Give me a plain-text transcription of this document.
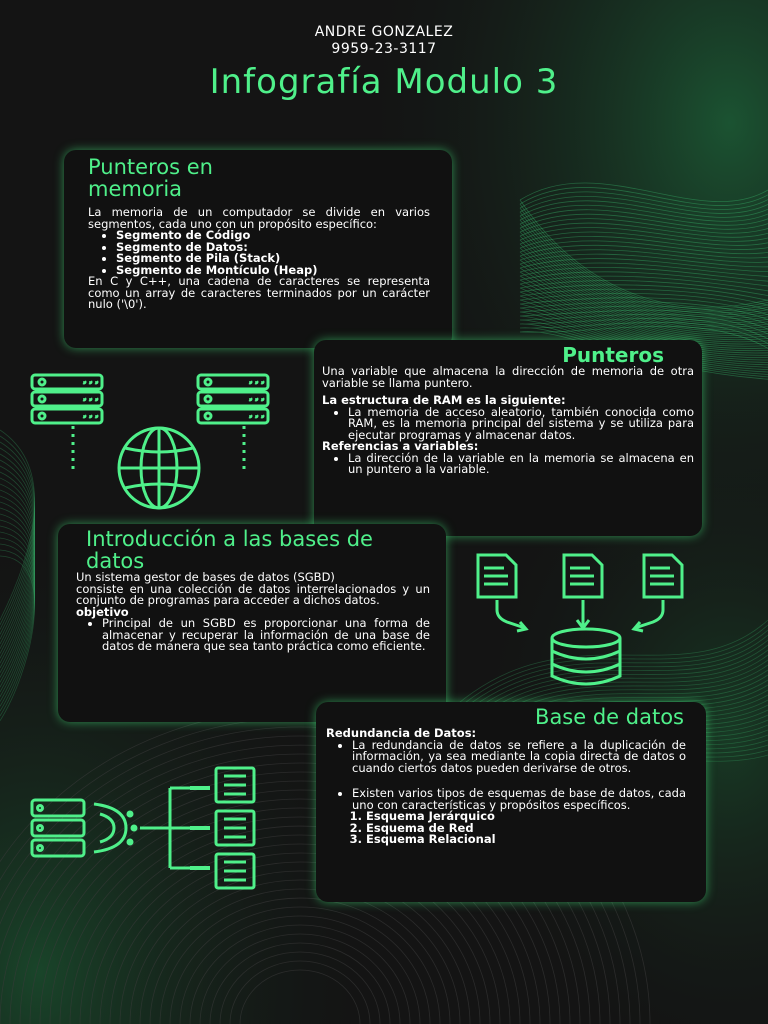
ANDRE GONZALEZ
9959-23-3117
Infografía Modulo 3
Punteros en memoria

La memoria de un computador se divide en varios segmentos, cada uno con un propósito específico:

• Segmento de Código
• Segmento de Datos:
• Segmento de Pila (Stack)
• Segmento de Montículo (Heap)

En C y C++, una cadena de caracteres se representa como un array de caracteres terminados por un carácter nulo ('\0').

Punteros

Una variable que almacena la dirección de memoria de otra variable se llama puntero.

La estructura de RAM es la siguiente:

• La memoria de acceso aleatorio, también conocida como RAM, es la memoria principal del sistema y se utiliza para ejecutar programas y almacenar datos.

Referencias a variables:

• La dirección de la variable en la memoria se almacena en un puntero a la variable.
Introducción a las bases de datos

Un sistema gestor de bases de datos (SGBD)

consiste en una colección de datos interrelacionados y un conjunto de programas para acceder a dichos datos.

objetivo

• Principal de un SGBD es proporcionar una forma de almacenar y recuperar la información de una base de datos de manera que sea tanto práctica como eficiente.
Base de datos

Redundancia de Datos:

• La redundancia de datos se refiere a la duplicación de información, ya sea mediante la copia directa de datos o cuando ciertos datos pueden derivarse de otros.
• Existen varios tipos de esquemas de base de datos, cada uno con características y propósitos específicos.
1. Esquema Jerárquico
2. Esquema de Red
3. Esquema Relacional
